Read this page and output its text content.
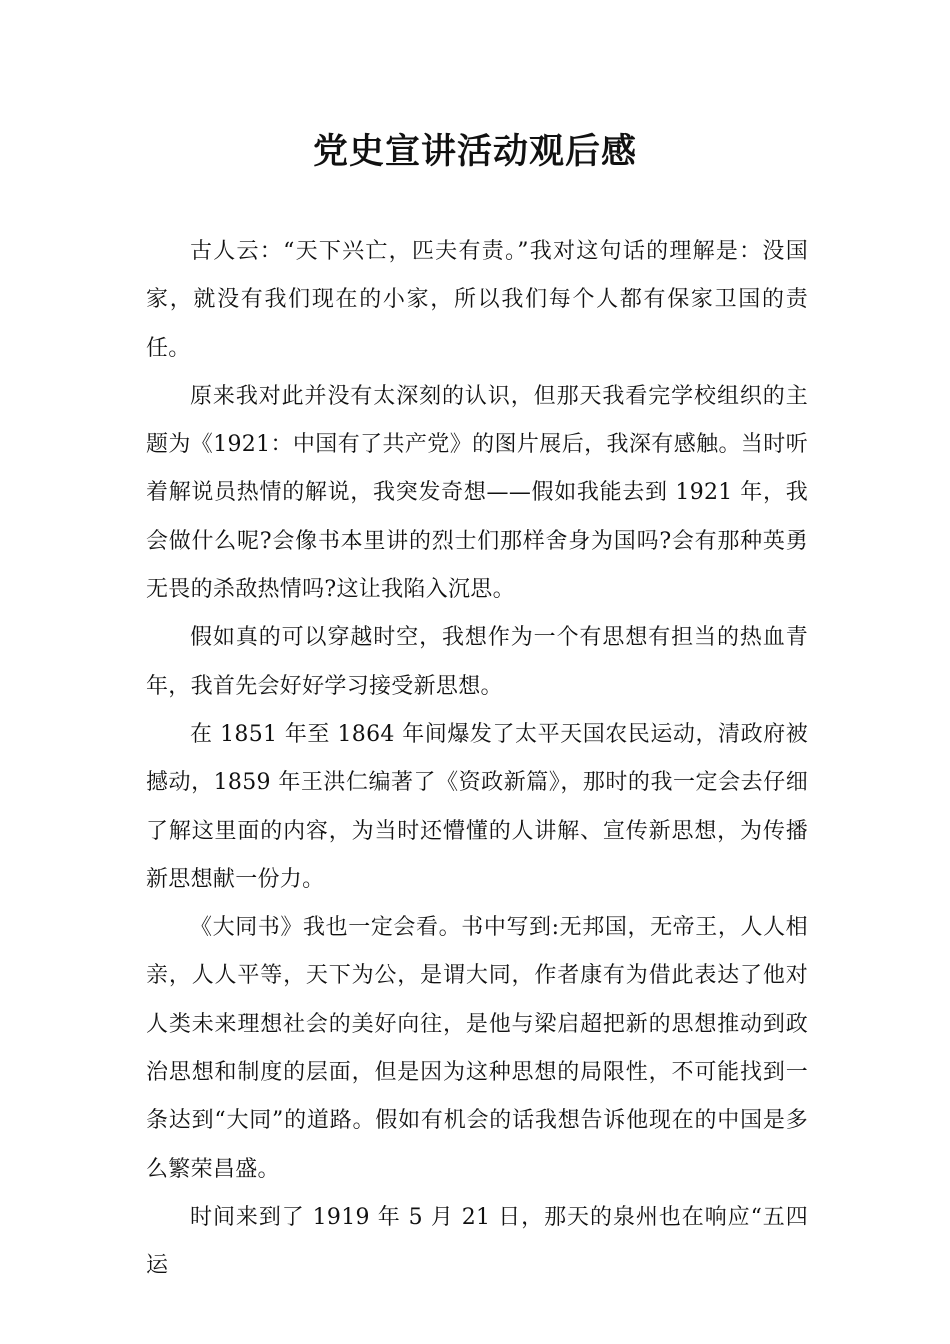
党史宣讲活动观后感

古人云：“天下兴亡，匹夫有责。”我对这句话的理解是：没国家，就没有我们现在的小家，所以我们每个人都有保家卫国的责任。

原来我对此并没有太深刻的认识，但那天我看完学校组织的主题为《1921：中国有了共产党》的图片展后，我深有感触。当时听着解说员热情的解说，我突发奇想——假如我能去到 1921 年，我会做什么呢?会像书本里讲的烈士们那样舍身为国吗?会有那种英勇无畏的杀敌热情吗?这让我陷入沉思。

假如真的可以穿越时空，我想作为一个有思想有担当的热血青年，我首先会好好学习接受新思想。

在 1851 年至 1864 年间爆发了太平天国农民运动，清政府被撼动，1859 年王洪仁编著了《资政新篇》，那时的我一定会去仔细了解这里面的内容，为当时还懵懂的人讲解、宣传新思想，为传播新思想献一份力。

《大同书》我也一定会看。书中写到:无邦国，无帝王，人人相亲，人人平等，天下为公，是谓大同，作者康有为借此表达了他对人类未来理想社会的美好向往，是他与梁启超把新的思想推动到政治思想和制度的层面，但是因为这种思想的局限性，不可能找到一条达到“大同”的道路。假如有机会的话我想告诉他现在的中国是多么繁荣昌盛。

时间来到了 1919 年 5 月 21 日，那天的泉州也在响应“五四运
